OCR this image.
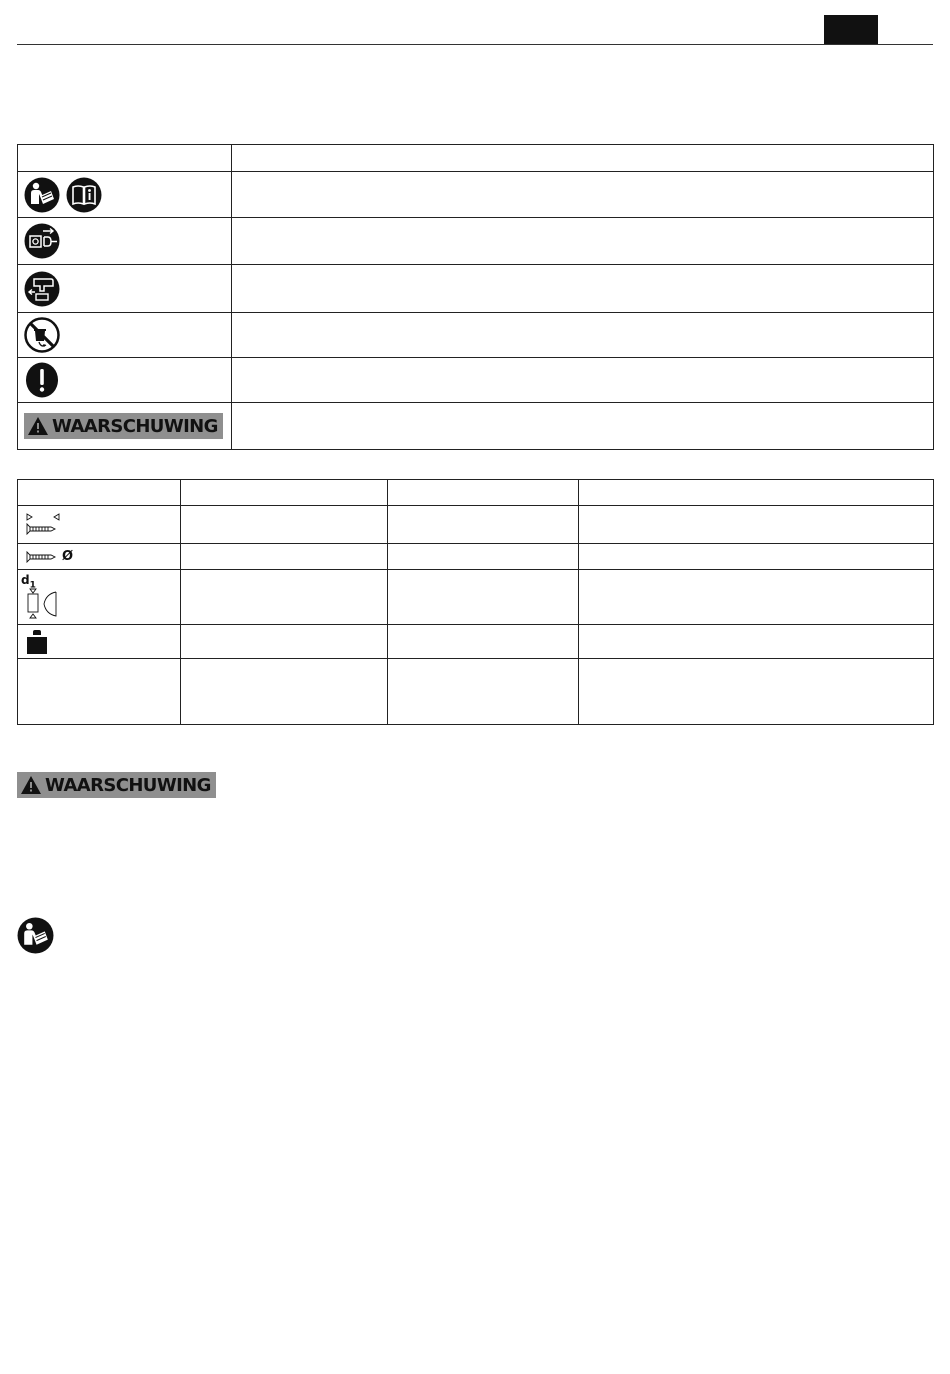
WAARSCHUWING	

Ø			

$d_1$

WAARSCHUWING
